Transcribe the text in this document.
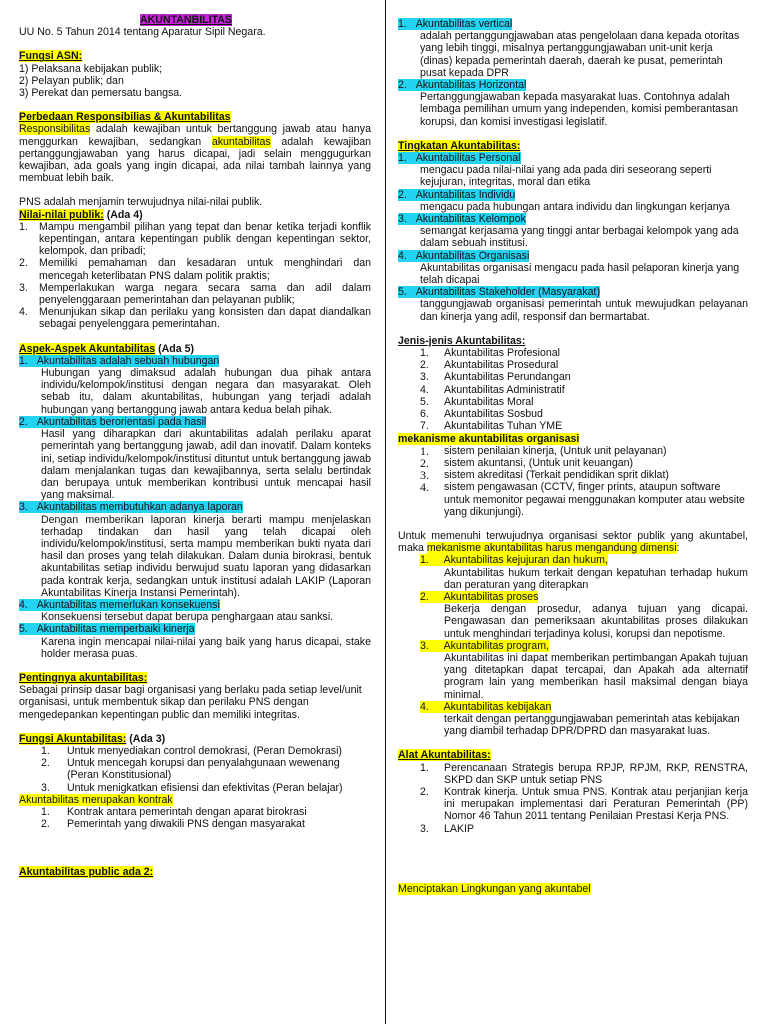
AKUNTANBILITAS

UU No. 5 Tahun 2014 tentang Aparatur Sipil Negara.

Fungsi ASN:

1) Pelaksana kebijakan publik;

2) Pelayan publik; dan

3) Perekat dan pemersatu bangsa.

Perbedaan Responsibilias & Akuntabilitas

Responsibilitas adalah kewajiban untuk bertanggung jawab atau hanya menggurkan kewajiban, sedangkan akuntabilitas adalah kewajiban pertanggungjawaban yang harus dicapai, jadi selain menggugurkan kewajiban, ada goals yang ingin dicapai, ada nilai tambah lainnya yang membuat lebih baik.

PNS adalah menjamin terwujudnya nilai-nilai publik.

Nilai-nilai publik: (Ada 4)

1.	Mampu mengambil pilihan yang tepat dan benar ketika terjadi konflik kepentingan, antara kepentingan publik dengan kepentingan sektor, kelompok, dan pribadi;
2.	Memiliki pemahaman dan kesadaran untuk menghindari dan mencegah keterlibatan PNS dalam politik praktis;
3.	Memperlakukan warga negara secara sama dan adil dalam penyelenggaraan pemerintahan dan pelayanan publik;
4.	Menunjukan sikap dan perilaku yang konsisten dan dapat diandalkan sebagai penyelenggara pemerintahan.

Aspek-Aspek Akuntabilitas (Ada 5)

1. Akuntabilitas adalah sebuah hubungan

Hubungan yang dimaksud adalah hubungan dua pihak antara individu/kelompok/institusi dengan negara dan masyarakat. Oleh sebab itu, dalam akuntabilitas, hubungan yang terjadi adalah hubungan yang bertanggung jawab antara kedua belah pihak.

2. Akuntabilitas berorientasi pada hasil

Hasil yang diharapkan dari akuntabilitas adalah perilaku aparat pemerintah yang bertanggung jawab, adil dan inovatif. Dalam konteks ini, setiap individu/kelompok/institusi dituntut untuk bertanggung jawab dalam menjalankan tugas dan kewajibannya, serta selalu bertindak dan berupaya untuk memberikan kontribusi untuk mencapai hasil yang maksimal.

3. Akuntabilitas membutuhkan adanya laporan

Dengan memberikan laporan kinerja berarti mampu menjelaskan terhadap tindakan dan hasil yang telah dicapai oleh individu/kelompok/institusi, serta mampu memberikan bukti nyata dari hasil dan proses yang telah dilakukan. Dalam dunia birokrasi, bentuk akuntabilitas setiap individu berwujud suatu laporan yang didasarkan pada kontrak kerja, sedangkan untuk institusi adalah LAKIP (Laporan Akuntabilitas Kinerja Instansi Pemerintah).

4. Akuntabilitas memerlukan konsekuensi

Konsekuensi tersebut dapat berupa penghargaan atau sanksi.

5. Akuntabilitas memperbaiki kinerja

Karena ingin mencapai nilai-nilai yang baik yang harus dicapai, stake holder merasa puas.

Pentingnya akuntabilitas:

Sebagai prinsip dasar bagi organisasi yang berlaku pada setiap level/unit organisasi, untuk membentuk sikap dan perilaku PNS dengan mengedepankan kepentingan public dan memiliki integritas.

Fungsi Akuntabilitas: (Ada 3)

1.	Untuk menyediakan control demokrasi, (Peran Demokrasi)
2.	Untuk mencegah korupsi dan penyalahgunaan wewenang (Peran Konstitusional)
3.	Untuk menigkatkan efisiensi dan efektivitas (Peran belajar)

Akuntabilitas merupakan kontrak

1.	Kontrak antara pemerintah dengan aparat birokrasi
2.	Pemerintah yang diwakili PNS dengan masyarakat

Akuntabilitas public ada 2:

1. Akuntabilitas vertical

adalah pertanggungjawaban atas pengelolaan dana kepada otoritas yang lebih tinggi, misalnya pertanggungjawaban unit-unit kerja (dinas) kepada pemerintah daerah, daerah ke pusat, pemerintah pusat kepada DPR

2. Akuntabilitas Horizontal

Pertanggungjawaban kepada masyarakat luas. Contohnya adalah lembaga pemilihan umum yang independen, komisi pemberantasan korupsi, dan komisi investigasi legislatif.

Tingkatan Akuntabilitas:

1. Akuntabilitas Personal

mengacu pada nilai-nilai yang ada pada diri seseorang seperti kejujuran, integritas, moral dan etika

2. Akuntabilitas Individu

mengacu pada hubungan antara individu dan lingkungan kerjanya

3. Akuntabilitas Kelompok

semangat kerjasama yang tinggi antar berbagai kelompok yang ada dalam sebuah institusi.

4. Akuntabilitas Organisasi

Akuntabilitas organisasi mengacu pada hasil pelaporan kinerja yang telah dicapai

5. Akuntabilitas Stakeholder (Masyarakat)

tanggungjawab organisasi pemerintah untuk mewujudkan pelayanan dan kinerja yang adil, responsif dan bermartabat.

Jenis-jenis Akuntabilitas:

1.	Akuntabilitas Profesional
2.	Akuntabilitas Prosedural
3.	Akuntabilitas Perundangan
4.	Akuntabilitas Administratif
5.	Akuntabilitas Moral
6.	Akuntabilitas Sosbud
7.	Akuntabilitas Tuhan YME

mekanisme akuntabilitas organisasi

1.	sistem penilaian kinerja, (Untuk unit pelayanan)
2.	sistem akuntansi, (Untuk unit keuangan)
3.	sistem akreditasi (Terkait pendidikan sprit diklat)
4.	sistem pengawasan (CCTV, finger prints, ataupun software untuk memonitor pegawai menggunakan komputer atau website yang dikunjungi).

Untuk memenuhi terwujudnya organisasi sektor publik yang akuntabel, maka mekanisme akuntabilitas harus mengandung dimensi:

1. Akuntabilitas kejujuran dan hukum,

Akuntabilitas hukum terkait dengan kepatuhan terhadap hukum dan peraturan yang diterapkan

2. Akuntabilitas proses

Bekerja dengan prosedur, adanya tujuan yang dicapai. Pengawasan dan pemeriksaan akuntabilitas proses dilakukan untuk menghindari terjadinya kolusi, korupsi dan nepotisme.

3. Akuntabilitas program,

Akuntabilitas ini dapat memberikan pertimbangan Apakah tujuan yang ditetapkan dapat tercapai, dan Apakah ada alternatif program lain yang memberikan hasil maksimal dengan biaya minimal.

4. Akuntabilitas kebijakan

terkait dengan pertanggungjawaban pemerintah atas kebijakan yang diambil terhadap DPR/DPRD dan masyarakat luas.

Alat Akuntabilitas:

1.	Perencanaan Strategis berupa RPJP, RPJM, RKP, RENSTRA, SKPD dan SKP untuk setiap PNS
2.	Kontrak kinerja. Untuk smua PNS. Kontrak atau perjanjian kerja ini merupakan implementasi dari Peraturan Pemerintah (PP) Nomor 46 Tahun 2011 tentang Penilaian Prestasi Kerja PNS.
3.	LAKIP

Menciptakan Lingkungan yang akuntabel
